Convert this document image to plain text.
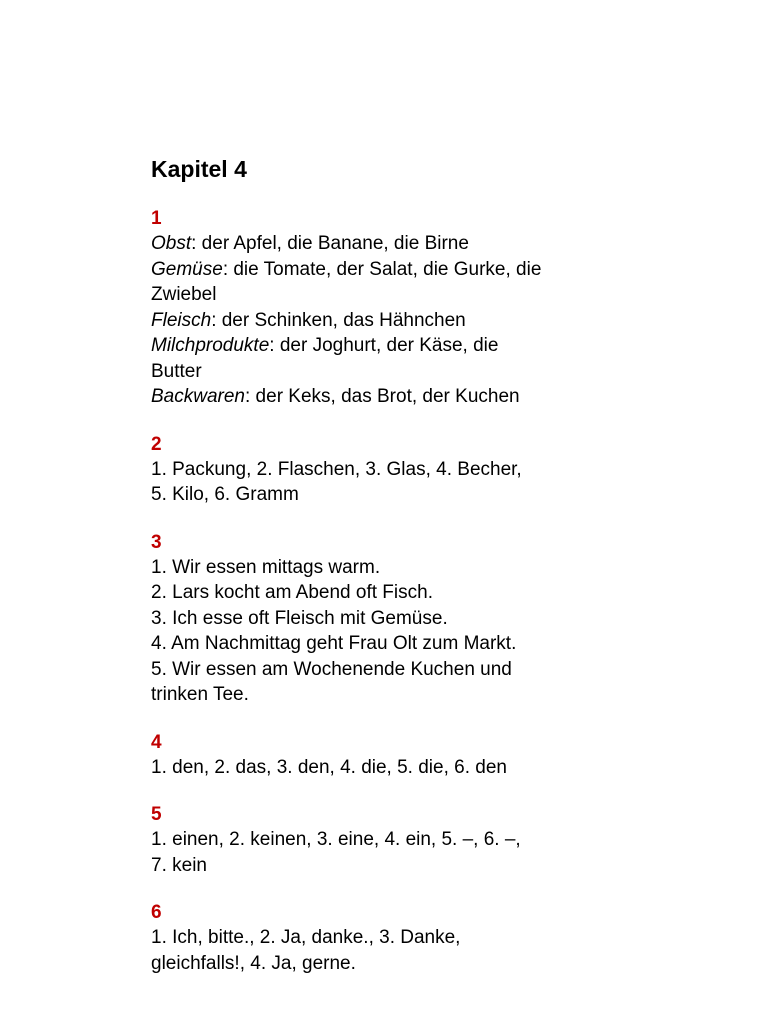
Kapitel 4
1
Obst: der Apfel, die Banane, die Birne
Gemüse: die Tomate, der Salat, die Gurke, die
Zwiebel
Fleisch: der Schinken, das Hähnchen
Milchprodukte: der Joghurt, der Käse, die
Butter
Backwaren: der Keks, das Brot, der Kuchen
2
1. Packung, 2. Flaschen, 3. Glas, 4. Becher,
5. Kilo, 6. Gramm
3
1. Wir essen mittags warm.
2. Lars kocht am Abend oft Fisch.
3. Ich esse oft Fleisch mit Gemüse.
4. Am Nachmittag geht Frau Olt zum Markt.
5. Wir essen am Wochenende Kuchen und
trinken Tee.
4
1. den, 2. das, 3. den, 4. die, 5. die, 6. den
5
1. einen, 2. keinen, 3. eine, 4. ein, 5. –, 6. –,
7. kein
6
1. Ich, bitte., 2. Ja, danke., 3. Danke,
gleichfalls!, 4. Ja, gerne.
